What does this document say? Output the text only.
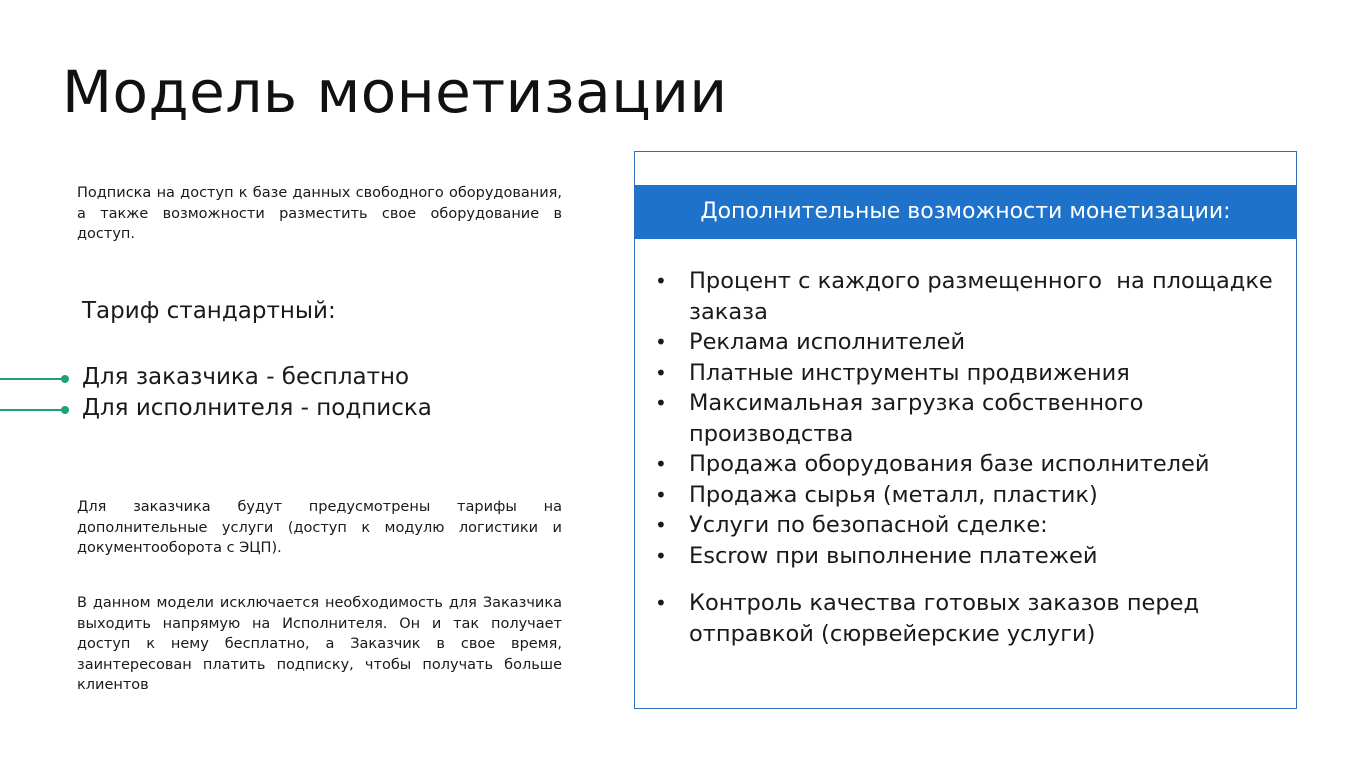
Модель монетизации

Подписка на доступ к базе данных свободного оборудования, а также возможности разместить свое оборудование в доступ.

Тариф стандартный:

Для заказчика - бесплатно
Для исполнителя - подписка

Для заказчика будут предусмотрены тарифы на дополнительные услуги (доступ к модулю логистики и документооборота с ЭЦП).

В данном модели исключается необходимость для Заказчика выходить напрямую на Исполнителя. Он и так получает доступ к нему бесплатно, а Заказчик в свое время, заинтересован платить подписку, чтобы получать больше клиентов

Дополнительные возможности монетизации:
• Процент с каждого размещенного  на площадке заказа
• Реклама исполнителей
• Платные инструменты продвижения
• Максимальная загрузка собственного производства
• Продажа оборудования базе исполнителей
• Продажа сырья (металл, пластик)
• Услуги по безопасной сделке:
• Escrow при выполнение платежей
• Контроль качества готовых заказов перед отправкой (сюрвейерские услуги)
